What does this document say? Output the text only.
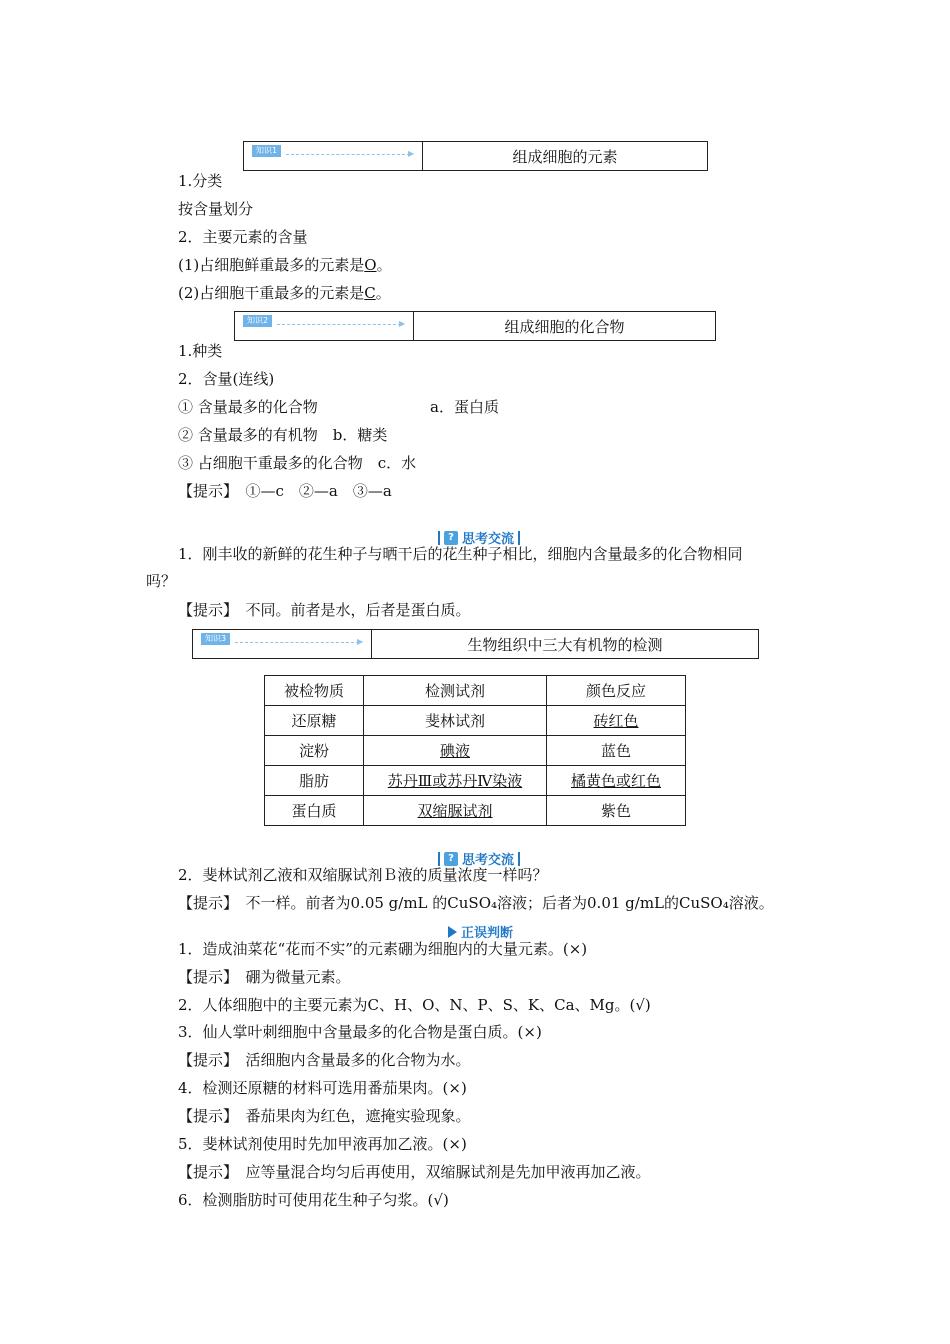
知识1	▶	组成细胞的元素
1.分类
按含量划分
2．主要元素的含量
(1)占细胞鲜重最多的元素是O。
(2)占细胞干重最多的元素是C。
知识2	▶	组成细胞的化合物
1.种类
2．含量(连线)
① 含量最多的化合物	a．蛋白质
② 含量最多的有机物　b．糖类
③ 占细胞干重最多的化合物　c．水
【提示】　①—c　②—a　③—a
? 思考交流
1．刚丰收的新鲜的花生种子与晒干后的花生种子相比，细胞内含量最多的化合物相同
吗？
【提示】　不同。前者是水，后者是蛋白质。
知识3	▶	生物组织中三大有机物的检测
被检物质	检测试剂	颜色反应
还原糖	斐林试剂	砖红色
淀粉	碘液	蓝色
脂肪	苏丹Ⅲ或苏丹Ⅳ染液	橘黄色或红色
蛋白质	双缩脲试剂	紫色
? 思考交流
2．斐林试剂乙液和双缩脲试剂Ｂ液的质量浓度一样吗？
【提示】　不一样。前者为0.05 g/mL 的CuSO₄溶液；后者为0.01 g/mL的CuSO₄溶液。
正误判断
1．造成油菜花“花而不实”的元素硼为细胞内的大量元素。(×)
【提示】　硼为微量元素。
2．人体细胞中的主要元素为C、H、O、N、P、S、K、Ca、Mg。(√)
3．仙人掌叶刺细胞中含量最多的化合物是蛋白质。(×)
【提示】　活细胞内含量最多的化合物为水。
4．检测还原糖的材料可选用番茄果肉。(×)
【提示】　番茄果肉为红色，遮掩实验现象。
5．斐林试剂使用时先加甲液再加乙液。(×)
【提示】　应等量混合均匀后再使用，双缩脲试剂是先加甲液再加乙液。
6．检测脂肪时可使用花生种子匀浆。(√)
